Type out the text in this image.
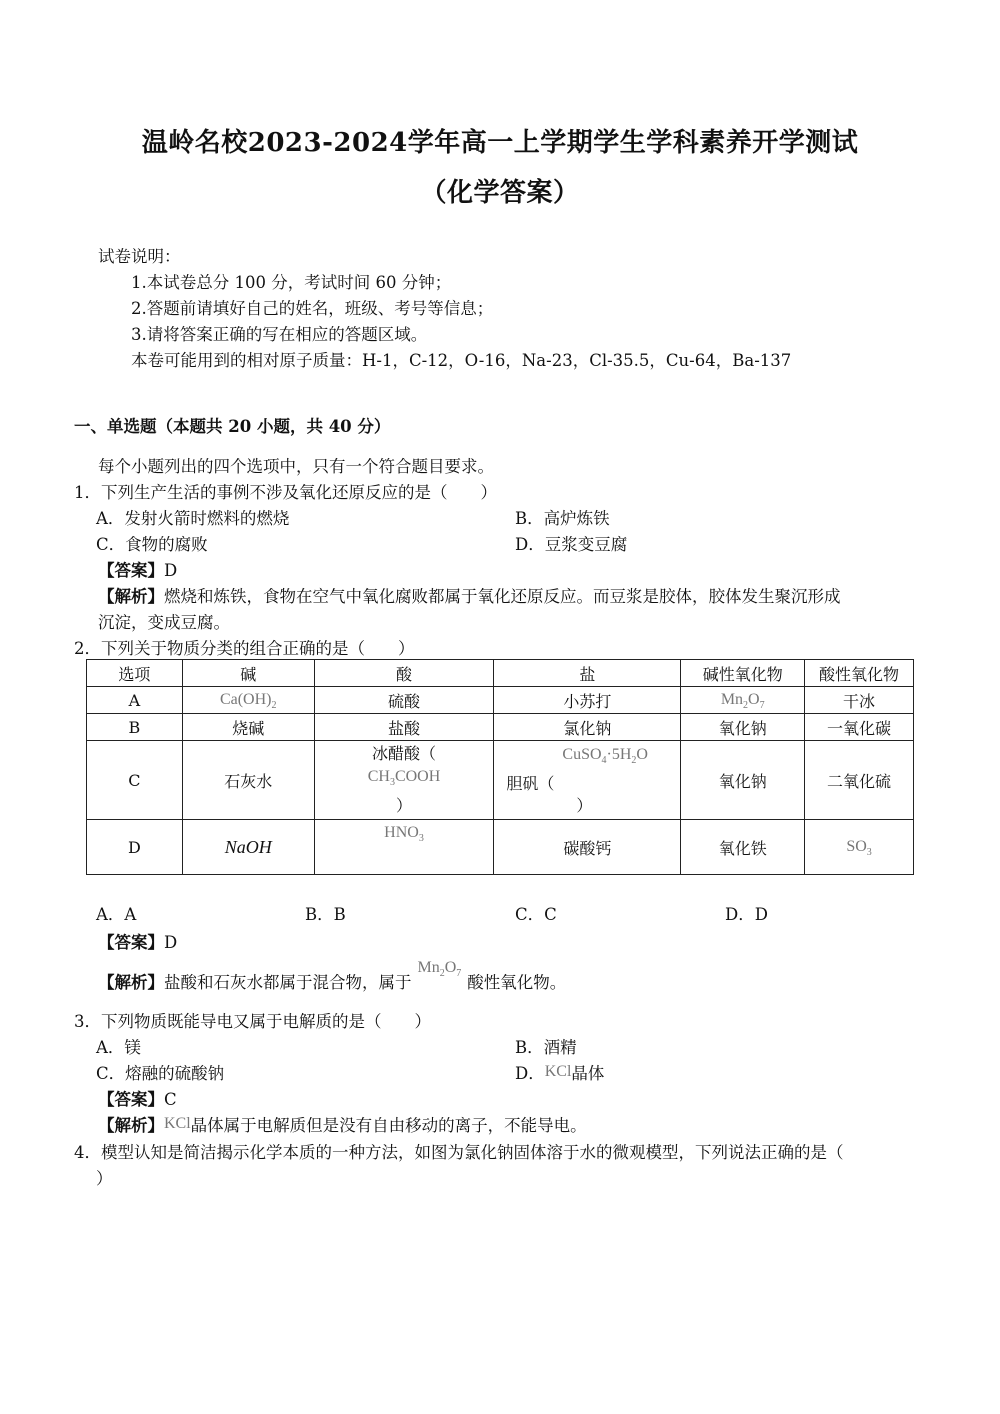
温岭名校2023-2024学年高一上学期学生学科素养开学测试
（化学答案）
试卷说明：
1.本试卷总分 100 分，考试时间 60 分钟；
2.答题前请填好自己的姓名，班级、考号等信息；
3.请将答案正确的写在相应的答题区域。
本卷可能用到的相对原子质量：H-1，C-12，O-16，Na-23，Cl-35.5，Cu-64，Ba-137
一、单选题（本题共 20 小题，共 40 分）
每个小题列出的四个选项中，只有一个符合题目要求。
1．下列生产生活的事例不涉及氧化还原反应的是（　　）
A．发射火箭时燃料的燃烧	B．高炉炼铁
C．食物的腐败	D．豆浆变豆腐
【答案】D
【解析】燃烧和炼铁，食物在空气中氧化腐败都属于氧化还原反应。而豆浆是胶体，胶体发生聚沉形成
沉淀，变成豆腐。
2．下列关于物质分类的组合正确的是（　　）
选项	碱	酸	盐	碱性氧化物	酸性氧化物
A	$Ca(OH)_2$	硫酸	小苏打	$Mn_2O_7$	干冰
B	烧碱	盐酸	氯化钠	氧化钠	一氧化碳
C	石灰水	冰醋酸（
$CH_3COOH$
）	$CuSO_4\cdot 5H_2O$
胆矾（
）	氧化钠	二氧化硫
D	NaOH	$HNO_3$	碳酸钙	氧化铁	$SO_3$
A．A	B．B	C．C	D．D
【答案】D
【解析】盐酸和石灰水都属于混合物，属于$Mn_2O_7$ 酸性氧化物。
3．下列物质既能导电又属于电解质的是（　　）
A．镁	B．酒精
C．熔融的硫酸钠	D．KCl晶体
【答案】C
【解析】KCl晶体属于电解质但是没有自由移动的离子，不能导电。
4．模型认知是简洁揭示化学本质的一种方法，如图为氯化钠固体溶于水的微观模型，下列说法正确的是（
）
